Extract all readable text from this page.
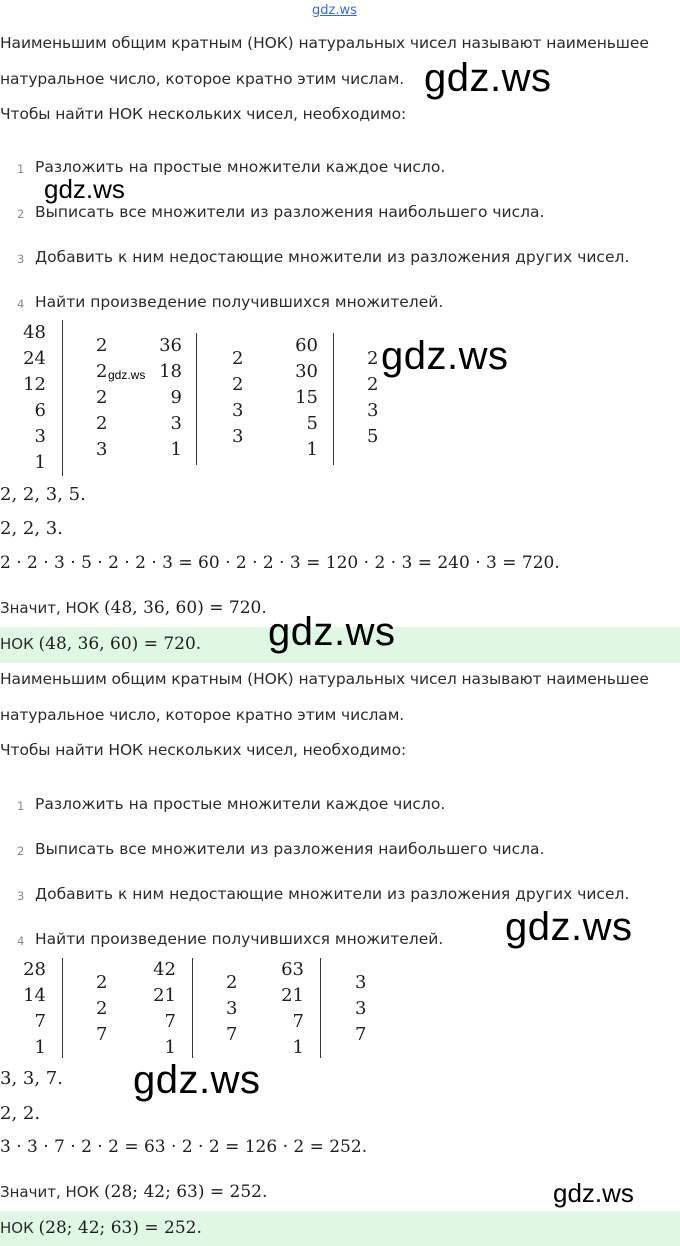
gdz.ws
Наименьшим общим кратным (НОК) натуральных чисел называют наименьшее
натуральное число, которое кратно этим числам.
Чтобы найти НОК нескольких чисел, необходимо:
1 Разложить на простые множители каждое число.
2 Выписать все множители из разложения наибольшего числа.
3 Добавить к ним недостающие множители из разложения других чисел.
4 Найти произведение получившихся множителей.
48
24
12
6
3
1
2
2
2
2
3
36
18
9
3
1
2
2
3
3
60
30
15
5
1
2
2
3
5
2, 2, 3, 5.
2, 2, 3.
2 · 2 · 3 · 5 · 2 · 2 · 3 = 60 · 2 · 2 · 3 = 120 · 2 · 3 = 240 · 3 = 720.
Значит, НОК (48, 36, 60) = 720.
НОК (48, 36, 60) = 720.
Наименьшим общим кратным (НОК) натуральных чисел называют наименьшее
натуральное число, которое кратно этим числам.
Чтобы найти НОК нескольких чисел, необходимо:
1 Разложить на простые множители каждое число.
2 Выписать все множители из разложения наибольшего числа.
3 Добавить к ним недостающие множители из разложения других чисел.
4 Найти произведение получившихся множителей.
28
14
7
1
2
2
7
42
21
7
1
2
3
7
63
21
7
1
3
3
7
3, 3, 7.
2, 2.
3 · 3 · 7 · 2 · 2 = 63 · 2 · 2 = 126 · 2 = 252.
Значит, НОК (28; 42; 63) = 252.
НОК (28; 42; 63) = 252.
gdz.ws
gdz.ws
gdz.ws	gdz.ws
gdz.ws
gdz.ws
gdz.ws
gdz.ws
